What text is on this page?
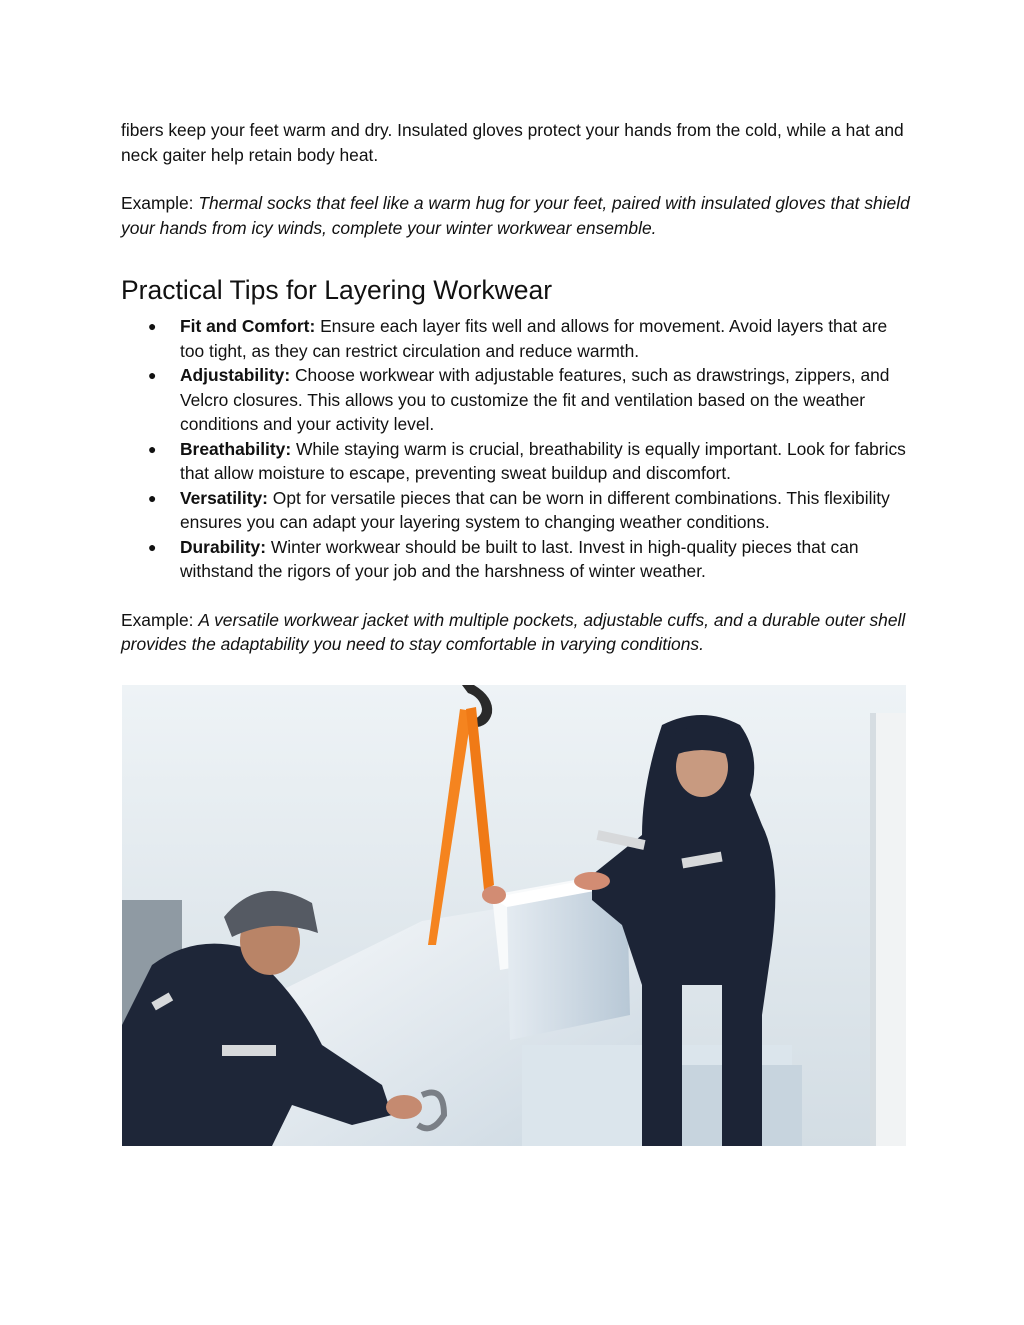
fibers keep your feet warm and dry. Insulated gloves protect your hands from the cold, while a hat and neck gaiter help retain body heat.

Example: Thermal socks that feel like a warm hug for your feet, paired with insulated gloves that shield your hands from icy winds, complete your winter workwear ensemble.

Practical Tips for Layering Workwear
● Fit and Comfort: Ensure each layer fits well and allows for movement. Avoid layers that are too tight, as they can restrict circulation and reduce warmth.
● Adjustability: Choose workwear with adjustable features, such as drawstrings, zippers, and Velcro closures. This allows you to customize the fit and ventilation based on the weather conditions and your activity level.
● Breathability: While staying warm is crucial, breathability is equally important. Look for fabrics that allow moisture to escape, preventing sweat buildup and discomfort.
● Versatility: Opt for versatile pieces that can be worn in different combinations. This flexibility ensures you can adapt your layering system to changing weather conditions.
● Durability: Winter workwear should be built to last. Invest in high-quality pieces that can withstand the rigors of your job and the harshness of winter weather.

Example: A versatile workwear jacket with multiple pockets, adjustable cuffs, and a durable outer shell provides the adaptability you need to stay comfortable in varying conditions.
